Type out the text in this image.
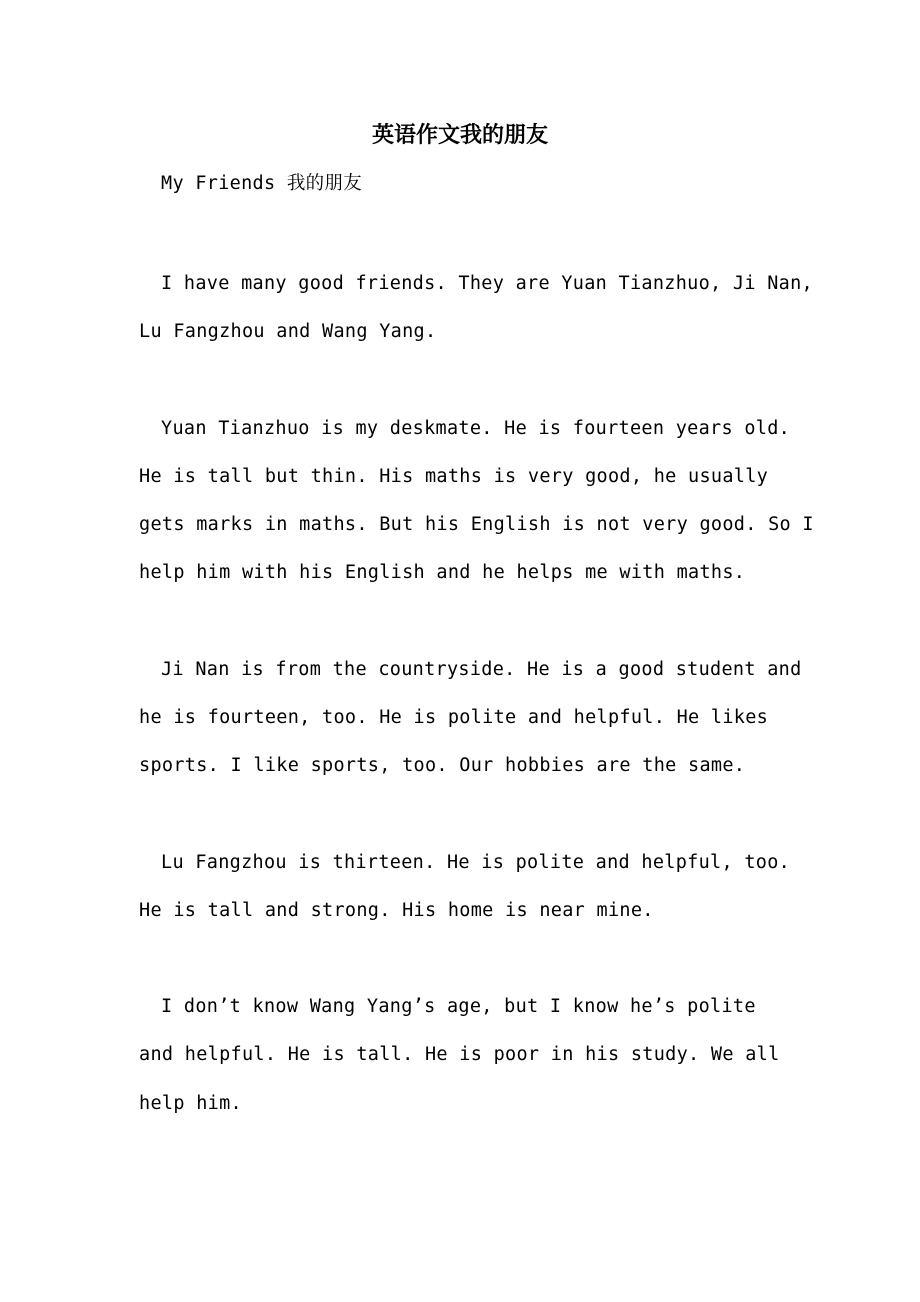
英语作文我的朋友

My Friends 我的朋友

I have many good friends. They are Yuan Tianzhuo, Ji Nan,

Lu Fangzhou and Wang Yang.

Yuan Tianzhuo is my deskmate. He is fourteen years old.

He is tall but thin. His maths is very good, he usually

gets marks in maths. But his English is not very good. So I

help him with his English and he helps me with maths.

Ji Nan is from the countryside. He is a good student and

he is fourteen, too. He is polite and helpful. He likes

sports. I like sports, too. Our hobbies are the same.

Lu Fangzhou is thirteen. He is polite and helpful, too.

He is tall and strong. His home is near mine.

I don’t know Wang Yang’s age, but I know he’s polite

and helpful. He is tall. He is poor in his study. We all

help him.
